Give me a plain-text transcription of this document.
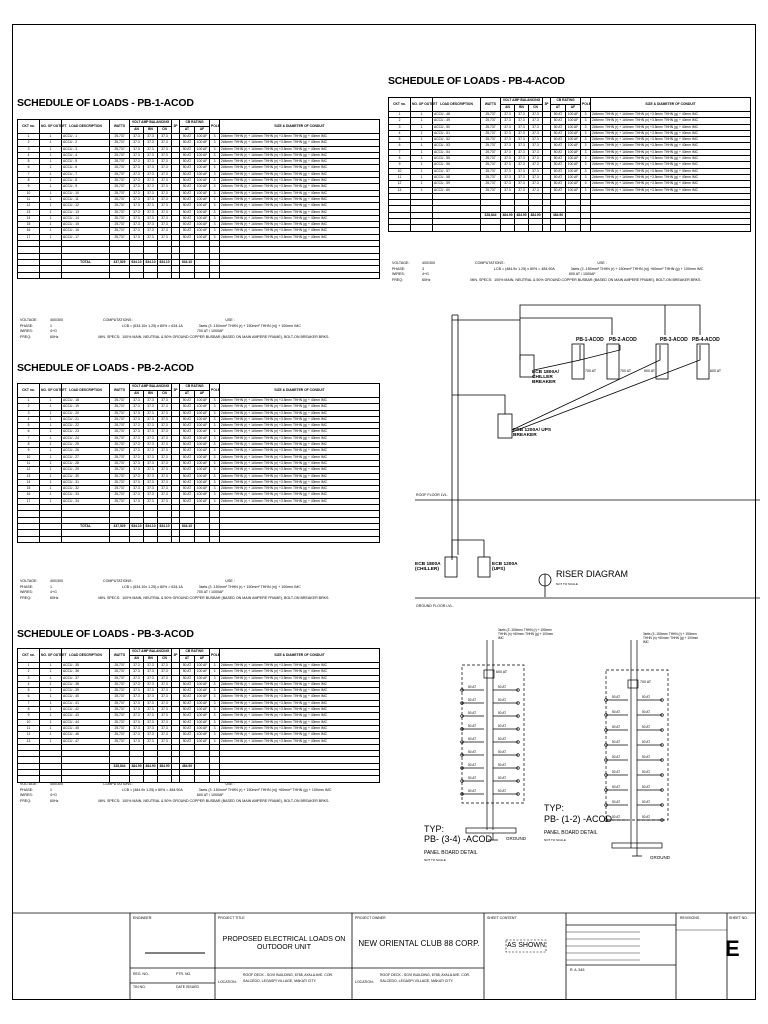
SCHEDULE OF LOADS - PB-1-ACOD
SCHEDULE OF LOADS - PB-2-ACOD
SCHEDULE OF LOADS - PB-3-ACOD
SCHEDULE OF LOADS - PB-4-ACOD
CKT no.	NO. OF OUTLET	LOAD DESCRIPTION	WATTS	VOLT AMP BALANCING			3P	CB RATING		POLE	SIZE & DIAMETER OF CONDUIT
				AN	BN	CN		AT	AF		
1	1	ACCU - 1	25,737	37.3	37.3	37.3		50 AT	100 AF	3	2#4mm² THHN (r) + 1#4mm² THHN (n) +3.5mm² THHN (g) + 40mm IMC
2	1	ACCU - 2	25,737	37.3	37.3	37.3		50 AT	100 AF	3	2#4mm² THHN (r) + 1#4mm² THHN (n) +3.5mm² THHN (g) + 40mm IMC
3	1	ACCU - 3	25,737	37.3	37.3	37.3		50 AT	100 AF	3	2#4mm² THHN (r) + 1#4mm² THHN (n) +3.5mm² THHN (g) + 40mm IMC
4	1	ACCU - 4	25,737	37.3	37.3	37.3		50 AT	100 AF	3	2#4mm² THHN (r) + 1#4mm² THHN (n) +3.5mm² THHN (g) + 40mm IMC
5	1	ACCU - 5	25,737	37.3	37.3	37.3		50 AT	100 AF	3	2#4mm² THHN (r) + 1#4mm² THHN (n) +3.5mm² THHN (g) + 40mm IMC
6	1	ACCU - 6	25,737	37.3	37.3	37.3		50 AT	100 AF	3	2#4mm² THHN (r) + 1#4mm² THHN (n) +3.5mm² THHN (g) + 40mm IMC
7	1	ACCU - 7	25,737	37.3	37.3	37.3		50 AT	100 AF	3	2#4mm² THHN (r) + 1#4mm² THHN (n) +3.5mm² THHN (g) + 40mm IMC
8	1	ACCU - 8	25,737	37.3	37.3	37.3		50 AT	100 AF	3	2#4mm² THHN (r) + 1#4mm² THHN (n) +3.5mm² THHN (g) + 40mm IMC
9	1	ACCU - 9	25,737	37.3	37.3	37.3		50 AT	100 AF	3	2#4mm² THHN (r) + 1#4mm² THHN (n) +3.5mm² THHN (g) + 40mm IMC
10	1	ACCU - 10	25,737	37.3	37.3	37.3		50 AT	100 AF	3	2#4mm² THHN (r) + 1#4mm² THHN (n) +3.5mm² THHN (g) + 40mm IMC
11	1	ACCU - 11	25,737	37.3	37.3	37.3		50 AT	100 AF	3	2#4mm² THHN (r) + 1#4mm² THHN (n) +3.5mm² THHN (g) + 40mm IMC
12	1	ACCU - 12	25,737	37.3	37.3	37.3		50 AT	100 AF	3	2#4mm² THHN (r) + 1#4mm² THHN (n) +3.5mm² THHN (g) + 40mm IMC
13	1	ACCU - 13	25,737	37.3	37.3	37.3		50 AT	100 AF	3	2#4mm² THHN (r) + 1#4mm² THHN (n) +3.5mm² THHN (g) + 40mm IMC
14	1	ACCU - 14	25,737	37.3	37.3	37.3		50 AT	100 AF	3	2#4mm² THHN (r) + 1#4mm² THHN (n) +3.5mm² THHN (g) + 40mm IMC
15	1	ACCU - 15	25,737	37.3	37.3	37.3		50 AT	100 AF	3	2#4mm² THHN (r) + 1#4mm² THHN (n) +3.5mm² THHN (g) + 40mm IMC
16	1	ACCU - 16	25,737	37.3	37.3	37.3		50 AT	100 AF	3	2#4mm² THHN (r) + 1#4mm² THHN (n) +3.5mm² THHN (g) + 40mm IMC
17	1	ACCU - 17	25,737	37.3	37.3	37.3		50 AT	100 AF	3	2#4mm² THHN (r) + 1#4mm² THHN (n) +3.5mm² THHN (g) + 40mm IMC

		TOTAL	437,529	634.10	634.10	634.10		634.10			

CKT no.	NO. OF OUTLET	LOAD DESCRIPTION	WATTS	VOLT AMP BALANCING			3P	CB RATING		POLE	SIZE & DIAMETER OF CONDUIT
				AN	BN	CN		AT	AF		
1	1	ACCU - 18	25,737	37.3	37.3	37.3		50 AT	100 AF	3	2#4mm² THHN (r) + 1#4mm² THHN (n) +3.5mm² THHN (g) + 40mm IMC
2	1	ACCU - 19	25,737	37.3	37.3	37.3		50 AT	100 AF	3	2#4mm² THHN (r) + 1#4mm² THHN (n) +3.5mm² THHN (g) + 40mm IMC
3	1	ACCU - 20	25,737	37.3	37.3	37.3		50 AT	100 AF	3	2#4mm² THHN (r) + 1#4mm² THHN (n) +3.5mm² THHN (g) + 40mm IMC
4	1	ACCU - 21	25,737	37.3	37.3	37.3		50 AT	100 AF	3	2#4mm² THHN (r) + 1#4mm² THHN (n) +3.5mm² THHN (g) + 40mm IMC
5	1	ACCU - 22	25,737	37.3	37.3	37.3		50 AT	100 AF	3	2#4mm² THHN (r) + 1#4mm² THHN (n) +3.5mm² THHN (g) + 40mm IMC
6	1	ACCU - 23	25,737	37.3	37.3	37.3		50 AT	100 AF	3	2#4mm² THHN (r) + 1#4mm² THHN (n) +3.5mm² THHN (g) + 40mm IMC
7	1	ACCU - 24	25,737	37.3	37.3	37.3		50 AT	100 AF	3	2#4mm² THHN (r) + 1#4mm² THHN (n) +3.5mm² THHN (g) + 40mm IMC
8	1	ACCU - 25	25,737	37.3	37.3	37.3		50 AT	100 AF	3	2#4mm² THHN (r) + 1#4mm² THHN (n) +3.5mm² THHN (g) + 40mm IMC
9	1	ACCU - 26	25,737	37.3	37.3	37.3		50 AT	100 AF	3	2#4mm² THHN (r) + 1#4mm² THHN (n) +3.5mm² THHN (g) + 40mm IMC
10	1	ACCU - 27	25,737	37.3	37.3	37.3		50 AT	100 AF	3	2#4mm² THHN (r) + 1#4mm² THHN (n) +3.5mm² THHN (g) + 40mm IMC
11	1	ACCU - 28	25,737	37.3	37.3	37.3		50 AT	100 AF	3	2#4mm² THHN (r) + 1#4mm² THHN (n) +3.5mm² THHN (g) + 40mm IMC
12	1	ACCU - 29	25,737	37.3	37.3	37.3		50 AT	100 AF	3	2#4mm² THHN (r) + 1#4mm² THHN (n) +3.5mm² THHN (g) + 40mm IMC
13	1	ACCU - 30	25,737	37.3	37.3	37.3		50 AT	100 AF	3	2#4mm² THHN (r) + 1#4mm² THHN (n) +3.5mm² THHN (g) + 40mm IMC
14	1	ACCU - 31	25,737	37.3	37.3	37.3		50 AT	100 AF	3	2#4mm² THHN (r) + 1#4mm² THHN (n) +3.5mm² THHN (g) + 40mm IMC
15	1	ACCU - 32	25,737	37.3	37.3	37.3		50 AT	100 AF	3	2#4mm² THHN (r) + 1#4mm² THHN (n) +3.5mm² THHN (g) + 40mm IMC
16	1	ACCU - 33	25,737	37.3	37.3	37.3		50 AT	100 AF	3	2#4mm² THHN (r) + 1#4mm² THHN (n) +3.5mm² THHN (g) + 40mm IMC
17	1	ACCU - 34	25,737	37.3	37.3	37.3		50 AT	100 AF	3	2#4mm² THHN (r) + 1#4mm² THHN (n) +3.5mm² THHN (g) + 40mm IMC

		TOTAL	437,529	634.10	634.10	634.10		634.10			

CKT no.	NO. OF OUTLET	LOAD DESCRIPTION	WATTS	VOLT AMP BALANCING			3P	CB RATING		POLE	SIZE & DIAMETER OF CONDUIT
				AN	BN	CN		AT	AF		
1	1	ACCU - 35	25,737	37.3	37.3	37.3		50 AT	100 AF	3	2#4mm² THHN (r) + 1#4mm² THHN (n) +3.5mm² THHN (g) + 40mm IMC
2	1	ACCU - 36	25,737	37.3	37.3	37.3		50 AT	100 AF	3	2#4mm² THHN (r) + 1#4mm² THHN (n) +3.5mm² THHN (g) + 40mm IMC
3	1	ACCU - 37	25,737	37.3	37.3	37.3		50 AT	100 AF	3	2#4mm² THHN (r) + 1#4mm² THHN (n) +3.5mm² THHN (g) + 40mm IMC
4	1	ACCU - 38	25,737	37.3	37.3	37.3		50 AT	100 AF	3	2#4mm² THHN (r) + 1#4mm² THHN (n) +3.5mm² THHN (g) + 40mm IMC
5	1	ACCU - 39	25,737	37.3	37.3	37.3		50 AT	100 AF	3	2#4mm² THHN (r) + 1#4mm² THHN (n) +3.5mm² THHN (g) + 40mm IMC
6	1	ACCU - 40	25,737	37.3	37.3	37.3		50 AT	100 AF	3	2#4mm² THHN (r) + 1#4mm² THHN (n) +3.5mm² THHN (g) + 40mm IMC
7	1	ACCU - 41	25,737	37.3	37.3	37.3		50 AT	100 AF	3	2#4mm² THHN (r) + 1#4mm² THHN (n) +3.5mm² THHN (g) + 40mm IMC
8	1	ACCU - 42	25,737	37.3	37.3	37.3		50 AT	100 AF	3	2#4mm² THHN (r) + 1#4mm² THHN (n) +3.5mm² THHN (g) + 40mm IMC
9	1	ACCU - 43	25,737	37.3	37.3	37.3		50 AT	100 AF	3	2#4mm² THHN (r) + 1#4mm² THHN (n) +3.5mm² THHN (g) + 40mm IMC
10	1	ACCU - 44	25,737	37.3	37.3	37.3		50 AT	100 AF	3	2#4mm² THHN (r) + 1#4mm² THHN (n) +3.5mm² THHN (g) + 40mm IMC
11	1	ACCU - 45	25,737	37.3	37.3	37.3		50 AT	100 AF	3	2#4mm² THHN (r) + 1#4mm² THHN (n) +3.5mm² THHN (g) + 40mm IMC
12	1	ACCU - 46	25,737	37.3	37.3	37.3		50 AT	100 AF	3	2#4mm² THHN (r) + 1#4mm² THHN (n) +3.5mm² THHN (g) + 40mm IMC
13	1	ACCU - 47	25,737	37.3	37.3	37.3		50 AT	100 AF	3	2#4mm² THHN (r) + 1#4mm² THHN (n) +3.5mm² THHN (g) + 40mm IMC

			328,844	484.90	484.90	484.90		484.90			

CKT no.	NO. OF OUTLET	LOAD DESCRIPTION	WATTS	VOLT AMP BALANCING			3P	CB RATING		POLE	SIZE & DIAMETER OF CONDUIT
				AN	BN	CN		AT	AF		
1	1	ACCU - 48	25,737	37.3	37.3	37.3		50 AT	100 AF	3	2#4mm² THHN (r) + 1#4mm² THHN (n) +3.5mm² THHN (g) + 40mm IMC
2	1	ACCU - 49	25,737	37.3	37.3	37.3		50 AT	100 AF	3	2#4mm² THHN (r) + 1#4mm² THHN (n) +3.5mm² THHN (g) + 40mm IMC
3	1	ACCU - 50	25,737	37.3	37.3	37.3		50 AT	100 AF	3	2#4mm² THHN (r) + 1#4mm² THHN (n) +3.5mm² THHN (g) + 40mm IMC
4	1	ACCU - 51	25,737	37.3	37.3	37.3		50 AT	100 AF	3	2#4mm² THHN (r) + 1#4mm² THHN (n) +3.5mm² THHN (g) + 40mm IMC
5	1	ACCU - 52	25,737	37.3	37.3	37.3		50 AT	100 AF	3	2#4mm² THHN (r) + 1#4mm² THHN (n) +3.5mm² THHN (g) + 40mm IMC
6	1	ACCU - 53	25,737	37.3	37.3	37.3		50 AT	100 AF	3	2#4mm² THHN (r) + 1#4mm² THHN (n) +3.5mm² THHN (g) + 40mm IMC
7	1	ACCU - 54	25,737	37.3	37.3	37.3		50 AT	100 AF	3	2#4mm² THHN (r) + 1#4mm² THHN (n) +3.5mm² THHN (g) + 40mm IMC
8	1	ACCU - 55	25,737	37.3	37.3	37.3		50 AT	100 AF	3	2#4mm² THHN (r) + 1#4mm² THHN (n) +3.5mm² THHN (g) + 40mm IMC
9	1	ACCU - 56	25,737	37.3	37.3	37.3		50 AT	100 AF	3	2#4mm² THHN (r) + 1#4mm² THHN (n) +3.5mm² THHN (g) + 40mm IMC
10	1	ACCU - 57	25,737	37.3	37.3	37.3		50 AT	100 AF	3	2#4mm² THHN (r) + 1#4mm² THHN (n) +3.5mm² THHN (g) + 40mm IMC
11	1	ACCU - 58	25,737	37.3	37.3	37.3		50 AT	100 AF	3	2#4mm² THHN (r) + 1#4mm² THHN (n) +3.5mm² THHN (g) + 40mm IMC
12	1	ACCU - 59	25,737	37.3	37.3	37.3		50 AT	100 AF	3	2#4mm² THHN (r) + 1#4mm² THHN (n) +3.5mm² THHN (g) + 40mm IMC
13	1	ACCU - 60	25,737	37.3	37.3	37.3		50 AT	100 AF	3	2#4mm² THHN (r) + 1#4mm² THHN (n) +3.5mm² THHN (g) + 40mm IMC

			328,844	484.90	484.90	484.90		484.90			

VOLTAGE:	400/300	COMPUTATIONS :	USE :
PHASE:	1	LCB = (634.10x 1.25) x 80% = 634.1A	3sets (3 -150mm² THHN (r) + 150mm² THHN (n)) + 100mm IMC
WIRES:	4+G	700 AT / 1000AF
FREQ:	60Hz	MIN. SPECS: 100% MAIN, NEUTRAL & 50% GROUND COPPER BUSBAR (BASED ON MAIN AMPERE FRAME), BOLT-ON BREAKER BRKS.
VOLTAGE:	400/300	COMPUTATIONS :	USE :
PHASE:	1	LCB = (634.10x 1.25) x 80% = 634.1A	3sets (3 -150mm² THHN (r) + 150mm² THHN (n)) + 100mm IMC
WIRES:	4+G	700 AT / 1000AF
FREQ:	60Hz	MIN. SPECS: 100% MAIN, NEUTRAL & 50% GROUND COPPER BUSBAR (BASED ON MAIN AMPERE FRAME), BOLT-ON BREAKER BRKS.
VOLTAGE:	400/300	COMPUTATIONS :	USE :
PHASE:	1	LCB = (484.9x 1.25) x 80% = 484.90A	3sets (3 -150mm² THHN (r) + 150mm² THHN (n)) +60mm² THHN (g) + 100mm IMC
WIRES:	4+G	600 AT / 1000AF
FREQ:	60Hz	MIN. SPECS: 100% MAIN, NEUTRAL & 50% GROUND COPPER BUSBAR (BASED ON MAIN AMPERE FRAME), BOLT-ON BREAKER BRKS.
VOLTAGE:	400/300	COMPUTATIONS :	USE :
PHASE:	3	LCB = (484.9x 1.25) x 80% = 484.90A	3sets (3 -150mm² THHN (r) + 150mm² THHN (n)) +60mm² THHN (g) + 100mm IMC
WIRES:	4+G	600 AT / 1000AF
FREQ:	60Hz	MIN. SPECS: 100% MAIN, NEUTRAL & 50% GROUND COPPER BUSBAR (BASED ON MAIN AMPERE FRAME), BOLT-ON BREAKER BRKS.
PB-1-ACOD PB-2-ACOD	PB-3-ACOD PB-4-ACOD
700 AT	700 AT	600 AT	600 AT
ECB 1800A/ CHILLER BREAKER
ECB 1200A/ UPS BREAKER
ROOF FLOOR LVL.
GROUND FLOOR LVL.
ECB 1800A (CHILLER)
ECB 1200A (UPS)	RISER DIAGRAM
NOT TO SCALE
3sets (3 -150mm² THHN (r) + 150mm² THHN (n) +60mm² THHN (g) + 100mm IMC
600 AT
3sets (3 -150mm² THHN (r) + 150mm² THHN (n) +60mm² THHN (g) + 100mm IMC
700 AT
TYP:
PB- (3-4) -ACOD
PANEL BOARD DETAIL
NOT TO SCALE
TYP:
PB- (1-2) -ACOD
PANEL BOARD DETAIL
NOT TO SCALE
GROUND
GROUND
50 AT	50 AT
50 AT	50 AT
50 AT	50 AT
50 AT	50 AT
50 AT	50 AT
50 AT	50 AT
50 AT	50 AT
50 AT	50 AT
50 AT	50 AT
50 AT	50 AT
50 AT	50 AT
50 AT	50 AT
50 AT	50 AT
50 AT	50 AT
50 AT	50 AT
50 AT	50 AT
50 AT	50 AT
50 AT	50 AT
ENGINEER:	PROJECT TITLE
PROPOSED ELECTRICAL LOADS ON OUTDOOR UNIT
PROJECT OWNER
NEW ORIENTAL CLUB 88 CORP.
SHEET CONTENT
AS SHOWN
REVISIONS	SHEET NO.
E
LOCATION:
ROOF DECK - SGVI BUILDING, 6758, AYALA AVE. COR. SALCEDO, LEGASPI VILLAGE, MAKATI CITY.	LOCATION:
ROOF DECK - SGVI BUILDING, 6758, AYALA AVE. COR. SALCEDO, LEGASPI VILLAGE, MAKATI CITY.
REG. NO.
TIN NO.
PTR. NO.
DATE ISSUED
R. A. 545
